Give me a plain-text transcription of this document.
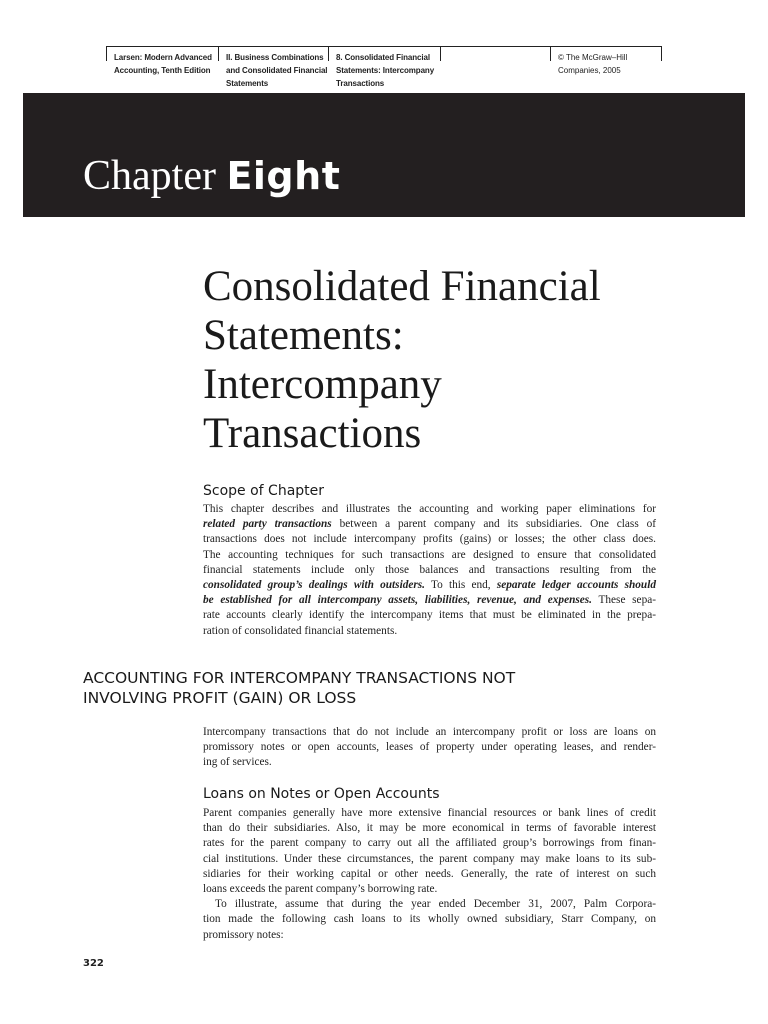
Larsen: Modern Advanced
Accounting, Tenth Edition
II. Business Combinations
and Consolidated Financial
Statements
8. Consolidated Financial
Statements: Intercompany
Transactions
© The McGraw–Hill
Companies, 2005
Chapter Eight
Consolidated Financial
Statements:
Intercompany
Transactions
Scope of Chapter
This chapter describes and illustrates the accounting and working paper eliminations for
related party transactions between a parent company and its subsidiaries. One class of
transactions does not include intercompany profits (gains) or losses; the other class does.
The accounting techniques for such transactions are designed to ensure that consolidated
financial statements include only those balances and transactions resulting from the
consolidated group’s dealings with outsiders. To this end, separate ledger accounts should
be established for all intercompany assets, liabilities, revenue, and expenses. These sepa-
rate accounts clearly identify the intercompany items that must be eliminated in the prepa-
ration of consolidated financial statements.
ACCOUNTING FOR INTERCOMPANY TRANSACTIONS NOT
INVOLVING PROFIT (GAIN) OR LOSS
Intercompany transactions that do not include an intercompany profit or loss are loans on
promissory notes or open accounts, leases of property under operating leases, and render-
ing of services.
Loans on Notes or Open Accounts
Parent companies generally have more extensive financial resources or bank lines of credit
than do their subsidiaries. Also, it may be more economical in terms of favorable interest
rates for the parent company to carry out all the affiliated group’s borrowings from finan-
cial institutions. Under these circumstances, the parent company may make loans to its sub-
sidiaries for their working capital or other needs. Generally, the rate of interest on such
loans exceeds the parent company’s borrowing rate.
To illustrate, assume that during the year ended December 31, 2007, Palm Corpora-
tion made the following cash loans to its wholly owned subsidiary, Starr Company, on
promissory notes:
322
